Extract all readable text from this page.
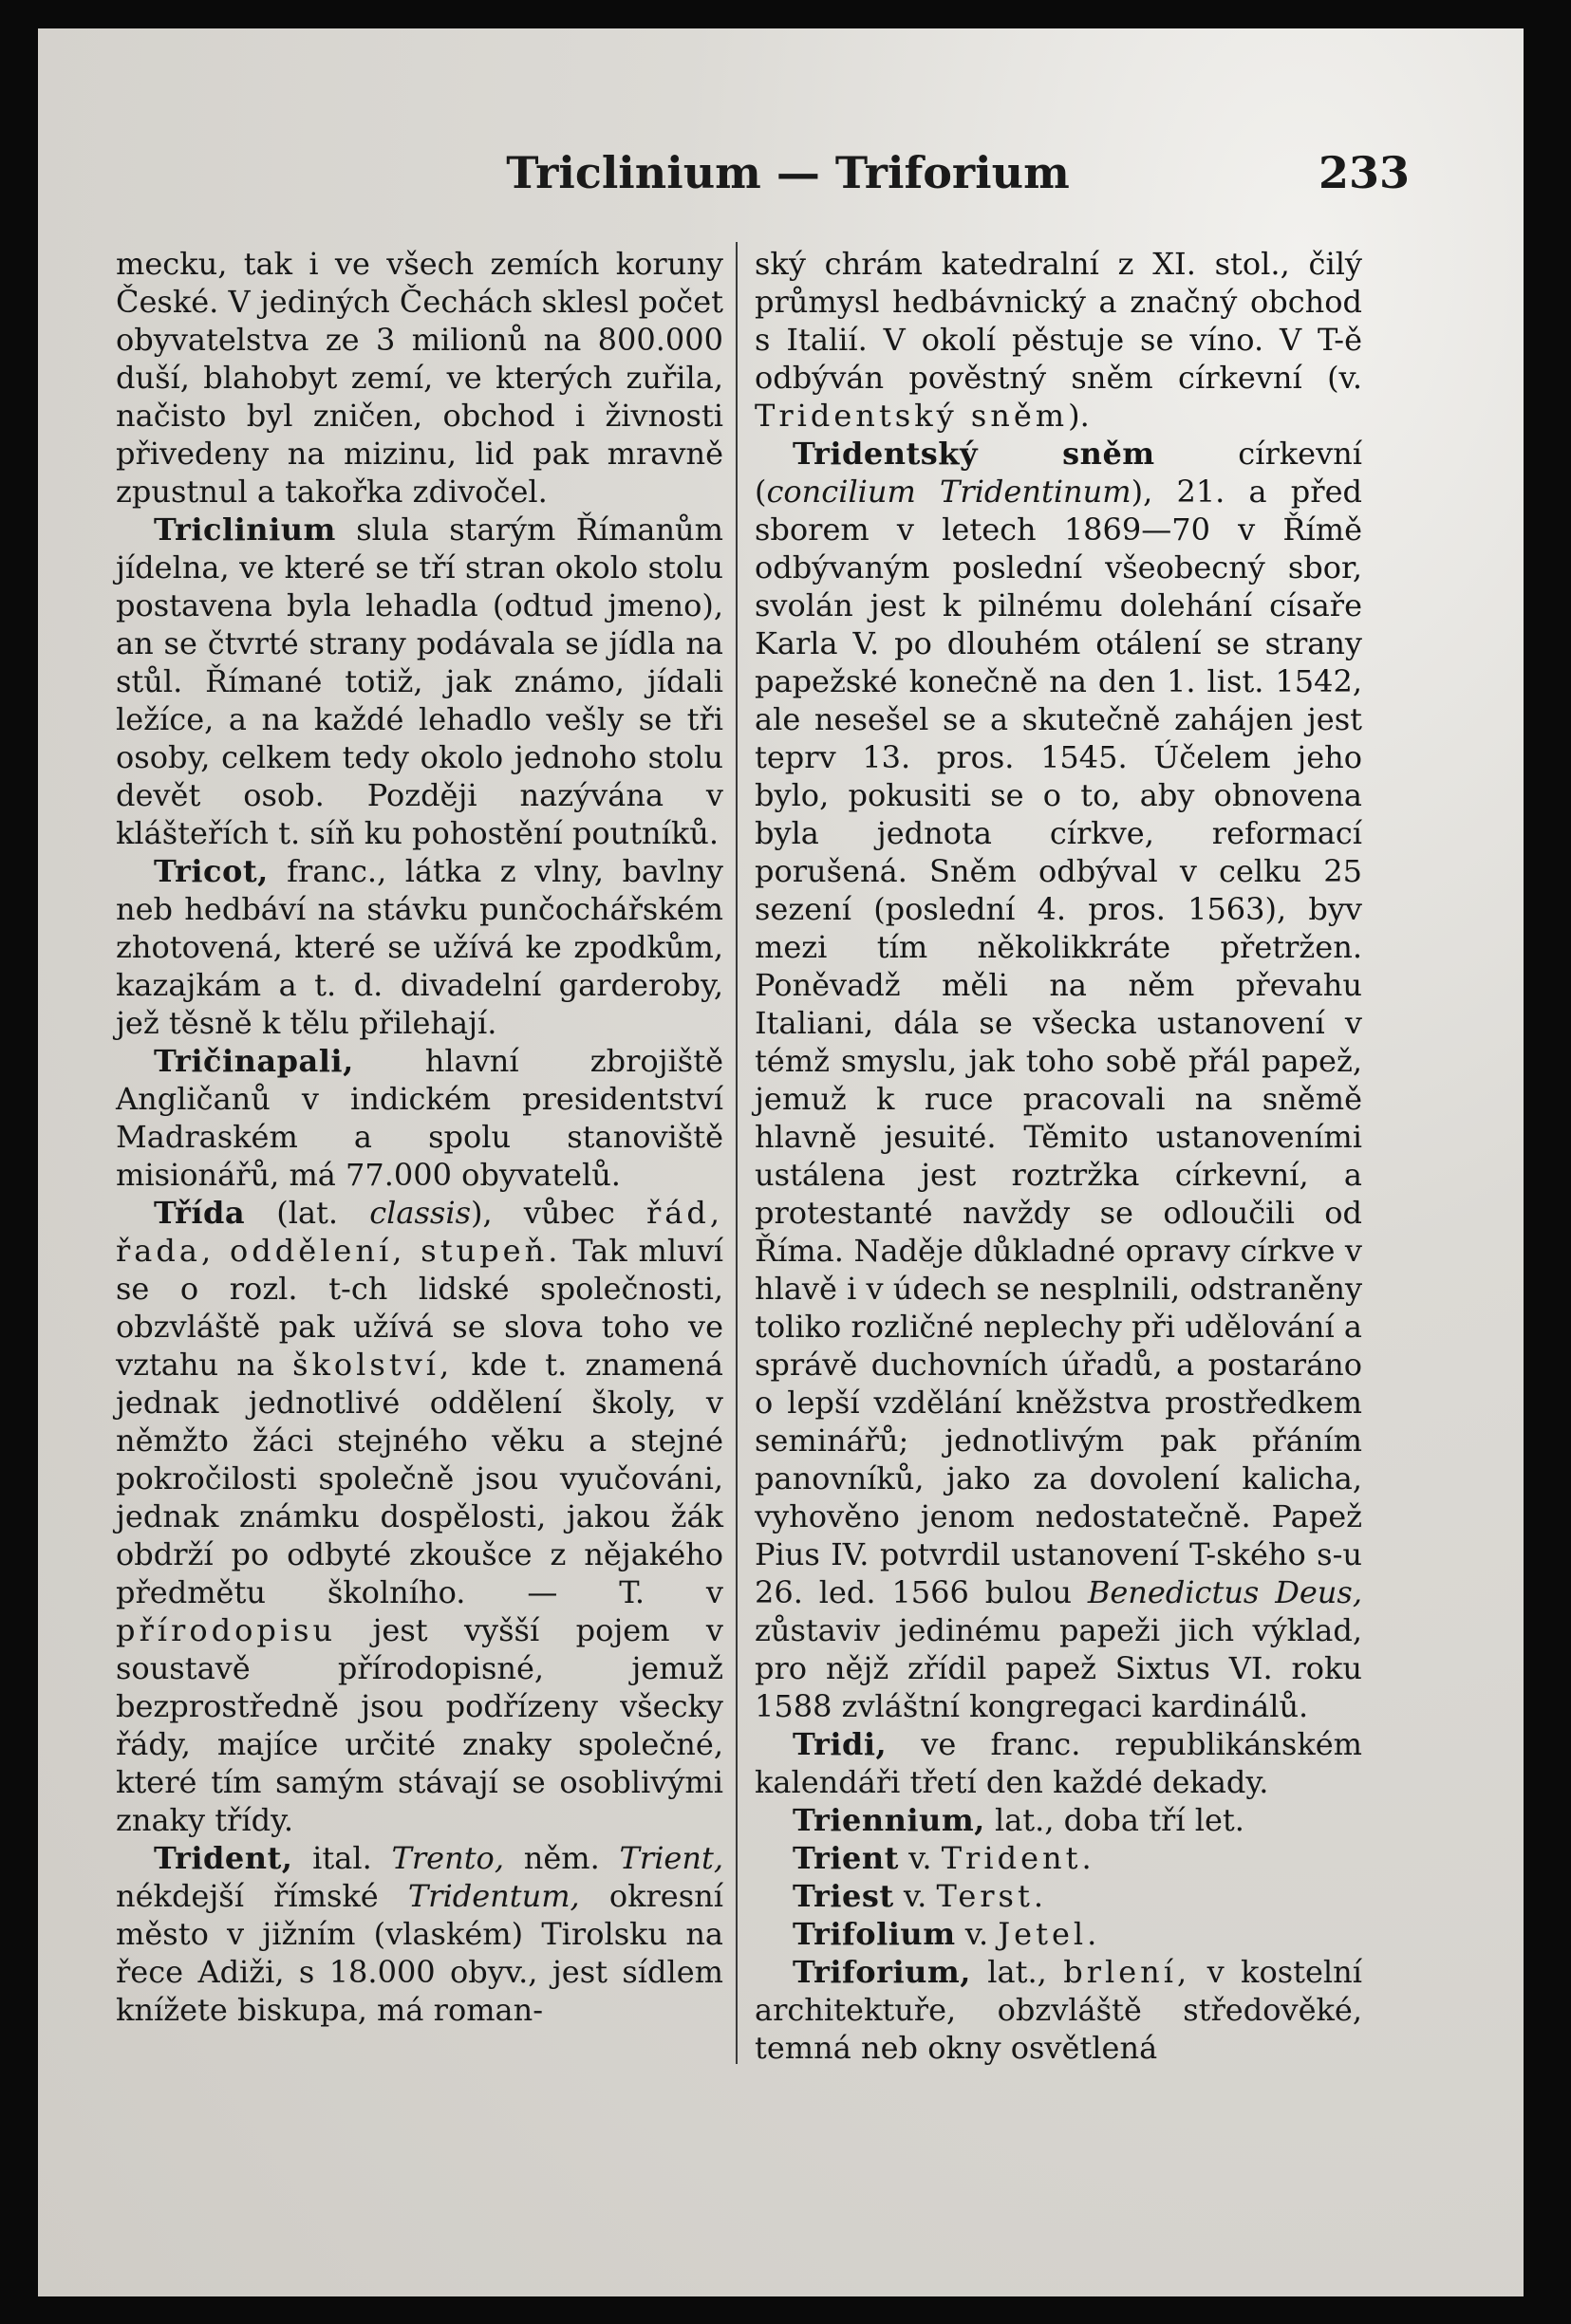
Triclinium — Triforium	233

mecku, tak i ve všech zemích koruny České. V jediných Čechách sklesl počet obyvatelstva ze 3 milionů na 800.000 duší, blahobyt zemí, ve kterých zuřila, načisto byl zničen, obchod i živnosti přivedeny na mizinu, lid pak mravně zpustnul a takořka zdivočel.

Triclinium slula starým Římanům jídelna, ve které se tří stran okolo stolu postavena byla lehadla (odtud jmeno), an se čtvrté strany podávala se jídla na stůl. Římané totiž, jak známo, jídali ležíce, a na každé lehadlo vešly se tři osoby, celkem tedy okolo jednoho stolu devět osob. Později nazývána v klášteřích t. síň ku pohostění poutníků.

Tricot, franc., látka z vlny, bavlny neb hedbáví na stávku punčochářském zhotovená, které se užívá ke zpodkům, kazajkám a t. d. divadelní garderoby, jež těsně k tělu přilehají.

Tričinapali, hlavní zbrojiště Angličanů v indickém presidentství Madraském a spolu stanoviště misionářů, má 77.000 obyvatelů.

Třída (lat. classis), vůbec řád, řada, oddělení, stupeň. Tak mluví se o rozl. t-ch lidské společnosti, obzvláště pak užívá se slova toho ve vztahu na školství, kde t. znamená jednak jednotlivé oddělení školy, v němžto žáci stejného věku a stejné pokročilosti společně jsou vyučováni, jednak známku dospělosti, jakou žák obdrží po odbyté zkoušce z nějakého předmětu školního. — T. v přírodopisu jest vyšší pojem v soustavě přírodopisné, jemuž bezprostředně jsou podřízeny všecky řády, majíce určité znaky společné, které tím samým stávají se osoblivými znaky třídy.

Trident, ital. Trento, něm. Trient, nékdejší římské Tridentum, okresní město v jižním (vlaském) Tirolsku na řece Adiži, s 18.000 obyv., jest sídlem knížete biskupa, má roman-

ský chrám katedralní z XI. stol., čilý průmysl hedbávnický a značný obchod s Italií. V okolí pěstuje se víno. V T-ě odbýván pověstný sněm církevní (v. Tridentský sněm).

Tridentský sněm církevní (concilium Tridentinum), 21. a před sborem v letech 1869—70 v Římě odbývaným poslední všeobecný sbor, svolán jest k pilnému dolehání císaře Karla V. po dlouhém otálení se strany papežské konečně na den 1. list. 1542, ale nesešel se a skutečně zahájen jest teprv 13. pros. 1545. Účelem jeho bylo, pokusiti se o to, aby obnovena byla jednota církve, reformací porušená. Sněm odbýval v celku 25 sezení (poslední 4. pros. 1563), byv mezi tím několikkráte přetržen. Poněvadž měli na něm převahu Italiani, dála se všecka ustanovení v témž smyslu, jak toho sobě přál papež, jemuž k ruce pracovali na sněmě hlavně jesuité. Těmito ustanoveními ustálena jest roztržka církevní, a protestanté navždy se odloučili od Říma. Naděje důkladné opravy církve v hlavě i v údech se nesplnili, odstraněny toliko rozličné neplechy při udělování a správě duchovních úřadů, a postaráno o lepší vzdělání kněžstva prostředkem seminářů; jednotlivým pak přáním panovníků, jako za dovolení kalicha, vyhověno jenom nedostatečně. Papež Pius IV. potvrdil ustanovení T-ského s-u 26. led. 1566 bulou Benedictus Deus, zůstaviv jedinému papeži jich výklad, pro nějž zřídil papež Sixtus VI. roku 1588 zvláštní kongregaci kardinálů.

Tridi, ve franc. republikánském kalendáři třetí den každé dekady.

Triennium, lat., doba tří let.

Trient v. Trident.

Triest v. Terst.

Trifolium v. Jetel.

Triforium, lat., brlení, v kostelní architektuře, obzvláště středověké, temná neb okny osvětlená
